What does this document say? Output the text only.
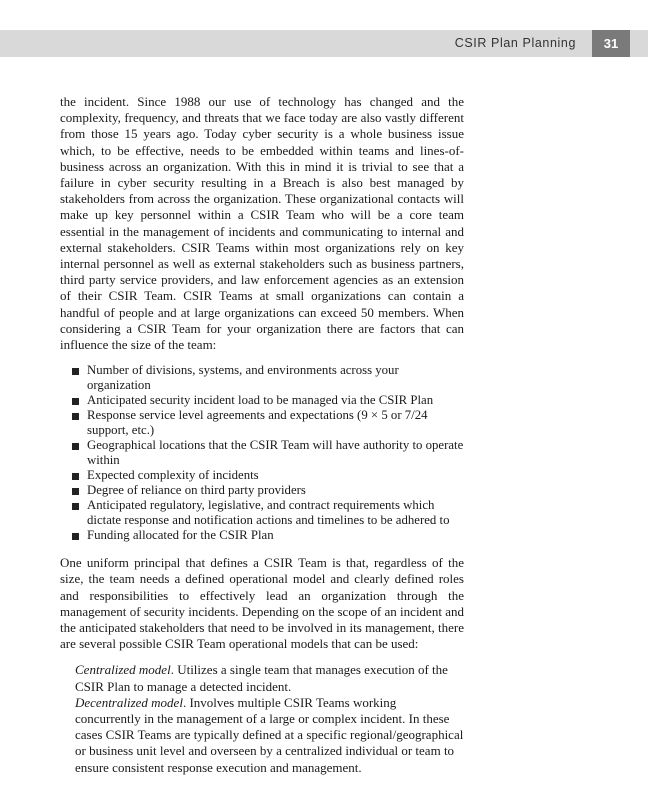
CSIR Plan Planning	31

the incident. Since 1988 our use of technology has changed and the complexity, frequency, and threats that we face today are also vastly different from those 15 years ago. Today cyber security is a whole business issue which, to be effective, needs to be embedded within teams and lines-of-business across an organization. With this in mind it is trivial to see that a failure in cyber security resulting in a Breach is also best managed by stakeholders from across the organization. These organizational contacts will make up key personnel within a CSIR Team who will be a core team essential in the management of incidents and communicating to internal and external stakeholders. CSIR Teams within most organizations rely on key internal personnel as well as external stakeholders such as business partners, third party service providers, and law enforcement agencies as an extension of their CSIR Team. CSIR Teams at small organizations can contain a handful of people and at large organizations can exceed 50 members. When considering a CSIR Team for your organization there are factors that can influence the size of the team:

Number of divisions, systems, and environments across your organization
Anticipated security incident load to be managed via the CSIR Plan
Response service level agreements and expectations (9 × 5 or 7/24 support, etc.)
Geographical locations that the CSIR Team will have authority to operate within
Expected complexity of incidents
Degree of reliance on third party providers
Anticipated regulatory, legislative, and contract requirements which dictate response and notification actions and timelines to be adhered to
Funding allocated for the CSIR Plan

One uniform principal that defines a CSIR Team is that, regardless of the size, the team needs a defined operational model and clearly defined roles and responsibilities to effectively lead an organization through the management of security incidents. Depending on the scope of an incident and the anticipated stakeholders that need to be involved in its management, there are several possible CSIR Team operational models that can be used:

Centralized model. Utilizes a single team that manages execution of the CSIR Plan to manage a detected incident.

Decentralized model. Involves multiple CSIR Teams working concurrently in the management of a large or complex incident. In these cases CSIR Teams are typically defined at a specific regional/geographical or business unit level and overseen by a centralized individual or team to ensure consistent response execution and management.
